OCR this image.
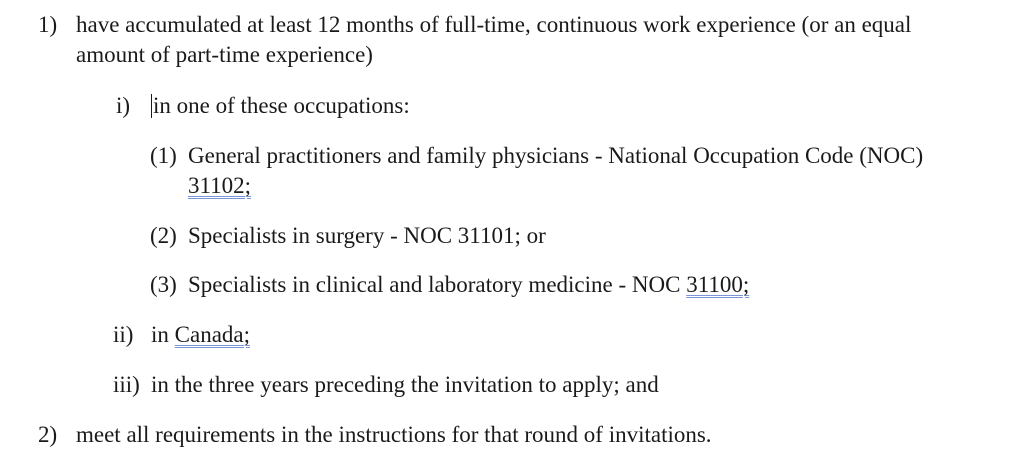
1) have accumulated at least 12 months of full-time, continuous work experience (or an equal
amount of part-time experience)
i) in one of these occupations:
(1) General practitioners and family physicians - National Occupation Code (NOC)
31102;
(2) Specialists in surgery - NOC 31101; or
(3) Specialists in clinical and laboratory medicine - NOC 31100;
ii) in Canada;
iii) in the three years preceding the invitation to apply; and
2) meet all requirements in the instructions for that round of invitations.
